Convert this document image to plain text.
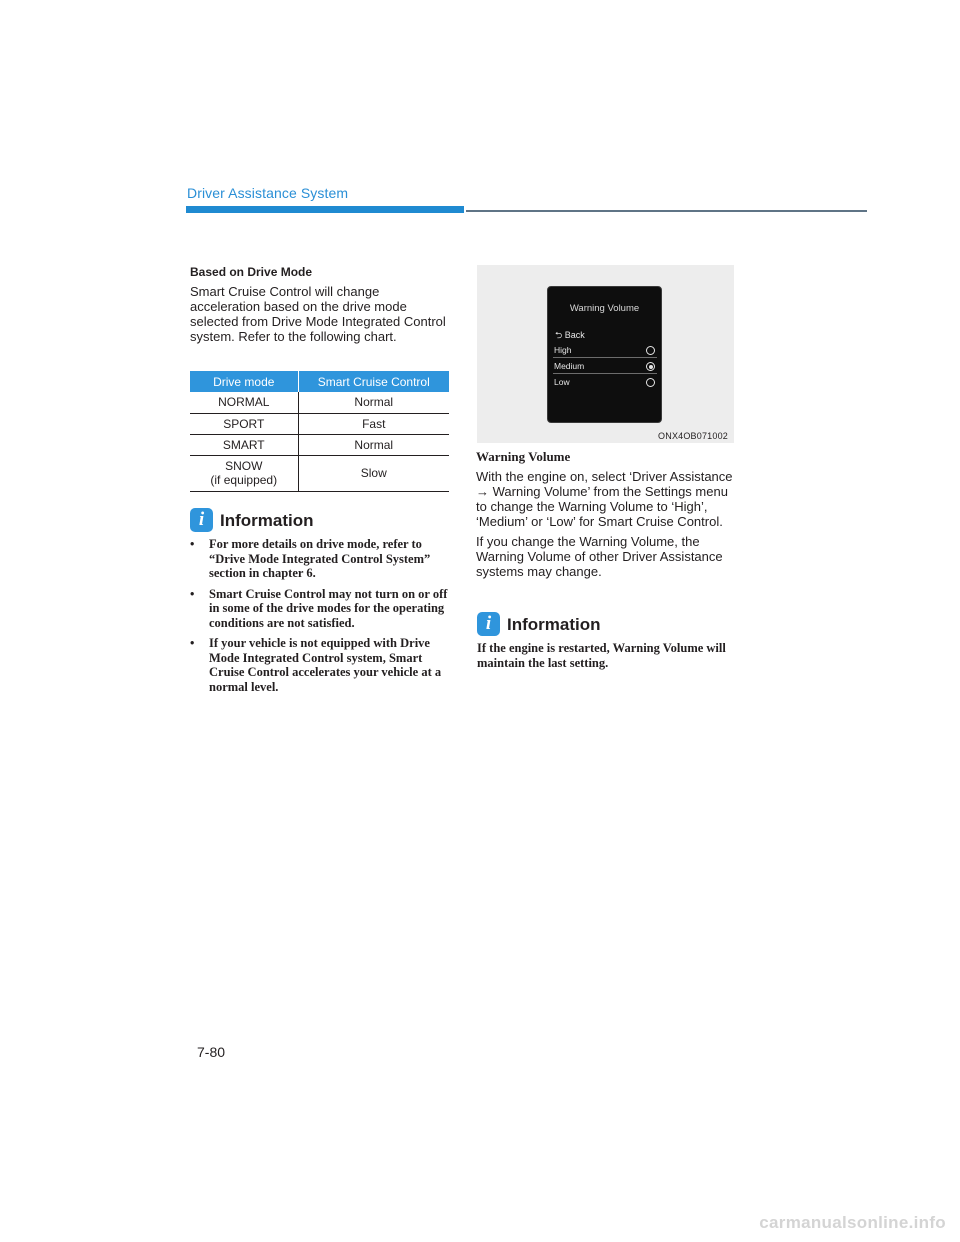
Driver Assistance System
Based on Drive Mode

Smart Cruise Control will change acceleration based on the drive mode selected from Drive Mode Integrated Control system. Refer to the following chart.

Drive mode	Smart Cruise Control
NORMAL	Normal
SPORT	Fast
SMART	Normal

SNOW
(if equipped)	Slow
i Information
• For more details on drive mode, refer to “Drive Mode Integrated Control System” section in chapter 6.
• Smart Cruise Control may not turn on or off in some of the drive modes for the operating conditions are not satisfied.
• If your vehicle is not equipped with Drive Mode Integrated Control system, Smart Cruise Control accelerates your vehicle at a normal level.
Warning Volume
⮌ Back
High
Medium
Low
ONX4OB071002
Warning Volume

With the engine on, select ‘Driver Assistance → Warning Volume’ from the Settings menu to change the Warning Volume to ‘High’, ‘Medium’ or ‘Low’ for Smart Cruise Control.

If you change the Warning Volume, the Warning Volume of other Driver Assistance systems may change.

i Information

If the engine is restarted, Warning Volume will maintain the last setting.

7-80
carmanualsonline.info
